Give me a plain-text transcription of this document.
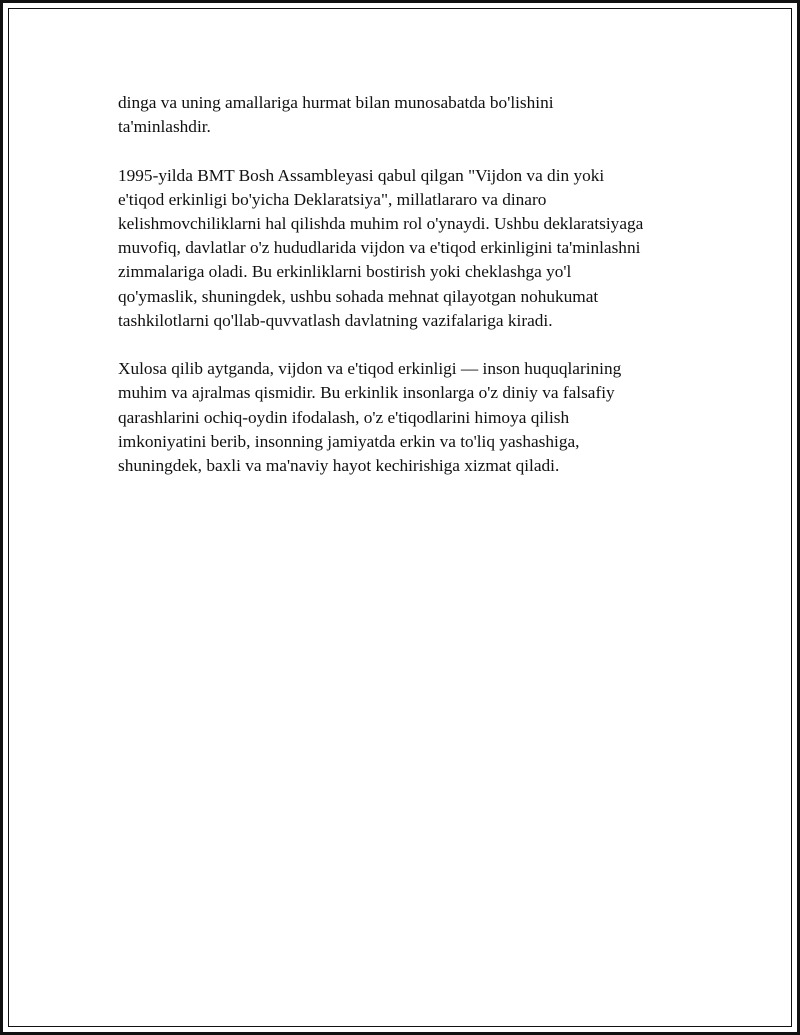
dinga va uning amallariga hurmat bilan munosabatda bo'lishini
ta'minlashdir.

1995-yilda BMT Bosh Assambleyasi qabul qilgan "Vijdon va din yoki
e'tiqod erkinligi bo'yicha Deklaratsiya", millatlararo va dinaro
kelishmovchiliklarni hal qilishda muhim rol o'ynaydi. Ushbu deklaratsiyaga
muvofiq, davlatlar o'z hududlarida vijdon va e'tiqod erkinligini ta'minlashni
zimmalariga oladi. Bu erkinliklarni bostirish yoki cheklashga yo'l
qo'ymaslik, shuningdek, ushbu sohada mehnat qilayotgan nohukumat
tashkilotlarni qo'llab-quvvatlash davlatning vazifalariga kiradi.

Xulosa qilib aytganda, vijdon va e'tiqod erkinligi — inson huquqlarining
muhim va ajralmas qismidir. Bu erkinlik insonlarga o'z diniy va falsafiy
qarashlarini ochiq-oydin ifodalash, o'z e'tiqodlarini himoya qilish
imkoniyatini berib, insonning jamiyatda erkin va to'liq yashashiga,
shuningdek, baxli va ma'naviy hayot kechirishiga xizmat qiladi.
